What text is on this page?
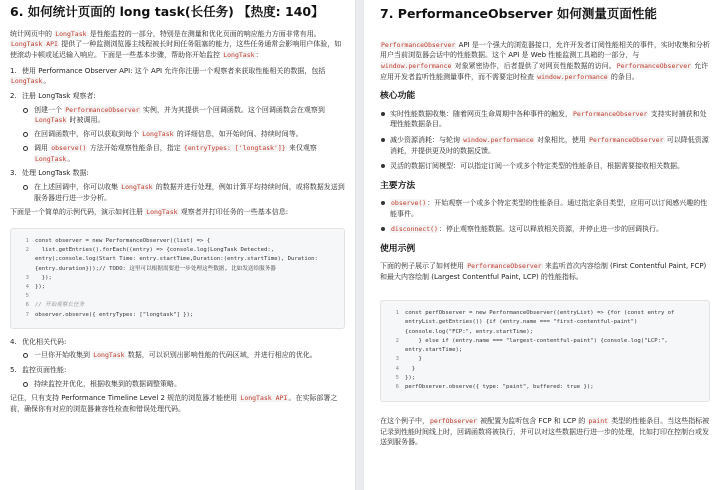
6. 如何统计页面的 long task(长任务) 【热度: 140】

统计网页中的 LongTask 是性能监控的一部分，特别是在测量和优化页面的响应能力方面非常有用。LongTask API 提供了一种监测浏览器主线程被长时间任务阻塞的能力，这些任务通常会影响用户体验，如使滚动卡顿或延迟输入响应。下面是一些基本步骤，帮助你开始监控 LongTask：

1. 使用 Performance Observer API: 这个 API 允许你注册一个观察者来获取性能相关的数据，包括 LongTask。
2. 注册 LongTask 观察者:
创建一个 PerformanceObserver 实例，并为其提供一个回调函数。这个回调函数会在观察到 LongTask 时被调用。
在回调函数中，你可以获取到每个 LongTask 的详细信息，如开始时间、持续时间等。
调用 observe() 方法开始观察性能条目，指定 {entryTypes: ['longtask']} 来仅观察 LongTask。
3. 处理 LongTask 数据:
在上述回调中，你可以收集 LongTask 的数据并进行处理，例如计算平均持续时间，或将数据发送到服务器进行进一步分析。

下面是一个简单的示例代码，演示如何注册 LongTask 观察者并打印任务的一些基本信息:

1 const observer = new PerformanceObserver((list) => {
2 list.getEntries().forEach((entry) => {console.log(LongTask Detected:, entry);console.log(Start Time: entry.startTime,Duration:(entry.startTime), Duration: {entry.duration}));// TODO: 这里可以根据需要进一步处理这些数据, 比如发送给服务器
3 });
4 });
5
6 // 开始观察长任务
7 observer.observe({ entryTypes: ["longtask"] });
4. 优化相关代码:
一旦你开始收集到 LongTask 数据，可以识别出影响性能的代码区域，并进行相应的优化。
5. 监控页面性能:
持续监控并优化，根据收集到的数据调整策略。

记住，只有支持 Performance Timeline Level 2 规范的浏览器才能使用 LongTask API。在实际部署之前，确保你有对应的浏览器兼容性检查和错误处理代码。

7. PerformanceObserver 如何测量页面性能

PerformanceObserver API 是一个强大的浏览器接口，允许开发者订阅性能相关的事件，实时收集和分析用户当前浏览器会话中的性能数据。这个 API 是 Web 性能监测工具箱的一部分，与 window.performance 对象紧密协作，后者提供了对网页性能数据的访问。PerformanceObserver 允许应用开发者监听性能测量事件，而不需要定时检查 window.performance 的条目。

核心功能
实时性能数据收集：随着网页生命周期中各种事件的触发，PerformanceObserver 支持实时捕获和处理性能数据条目。
减少资源消耗：与轮询 window.performance 对象相比，使用 PerformanceObserver 可以降低资源消耗，并提供更及时的数据反馈。
灵活的数据订阅模型：可以指定订阅一个或多个特定类型的性能条目，根据需要接收相关数据。
主要方法
observe()：开始观察一个或多个特定类型的性能条目。通过指定条目类型，应用可以订阅感兴趣的性能事件。
disconnect()：停止观察性能数据。这可以释放相关资源，并停止进一步的回调执行。
使用示例

下面的例子展示了如何使用 PerformanceObserver 来监听首次内容绘制 (First Contentful Paint, FCP) 和最大内容绘制 (Largest Contentful Paint, LCP) 的性能指标。

1 const perfObserver = new PerformanceObserver((entryList) => {for (const entry of entryList.getEntries()) {if (entry.name === "first-contentful-paint") {console.log("FCP:", entry.startTime);
2 } else if (entry.name === "largest-contentful-paint") {console.log("LCP:", entry.startTime);
3 }
4 }
5 });
6 perfObserver.observe({ type: "paint", buffered: true });

在这个例子中，perfObserver 被配置为监听包含 FCP 和 LCP 的 paint 类型的性能条目。当这些指标被记录到性能时间线上时，回调函数将被执行，并可以对这些数据进行进一步的处理，比如打印在控制台或发送到服务器。
